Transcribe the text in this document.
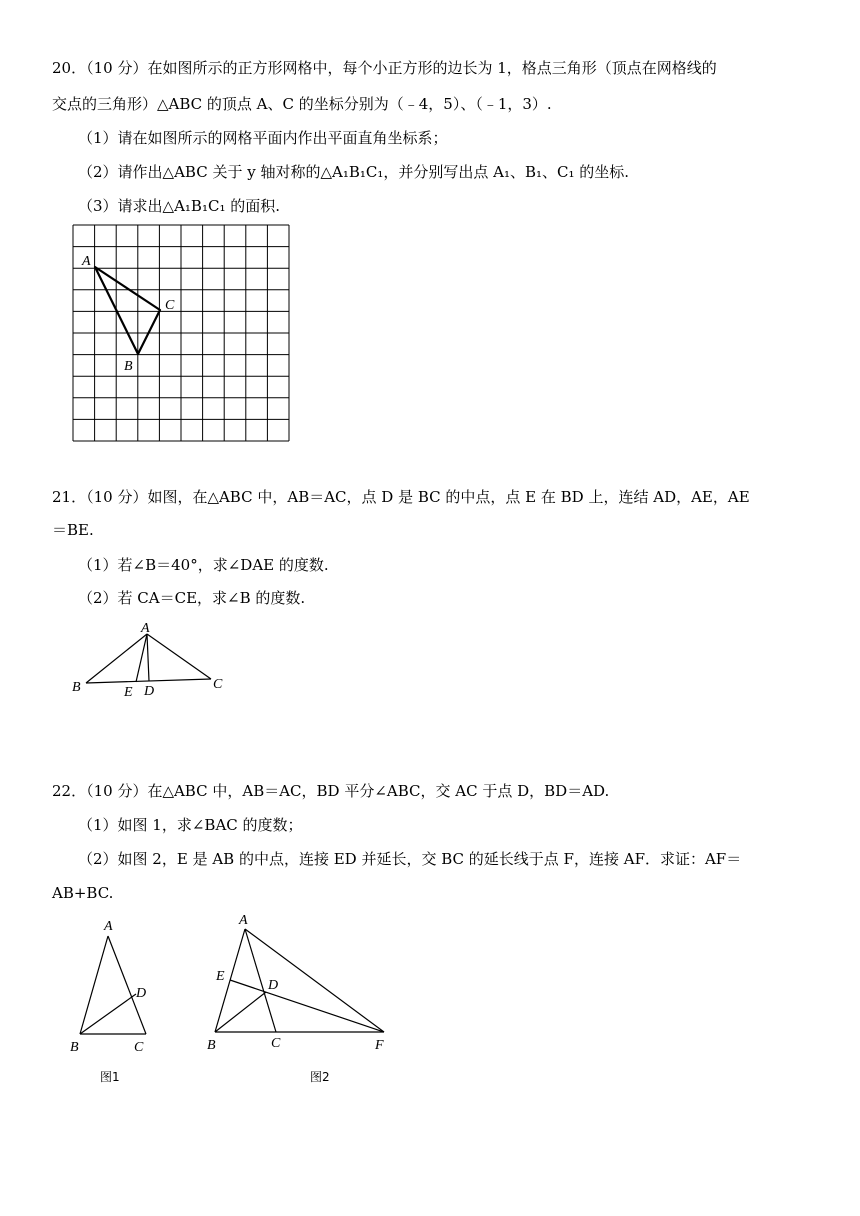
20．（10 分）在如图所示的正方形网格中，每个小正方形的边长为 1，格点三角形（顶点在网格线的
交点的三角形）△ABC 的顶点 A、C 的坐标分别为（﹣4，5）、（﹣1，3）.
（1）请在如图所示的网格平面内作出平面直角坐标系；
（2）请作出△ABC 关于 y 轴对称的△A₁B₁C₁，并分别写出点 A₁、B₁、C₁ 的坐标.
（3）请求出△A₁B₁C₁ 的面积.
A
C
B
21．（10 分）如图，在△ABC 中，AB＝AC，点 D 是 BC 的中点，点 E 在 BD 上，连结 AD，AE，AE
＝BE.
（1）若∠B＝40°，求∠DAE 的度数.
（2）若 CA＝CE，求∠B 的度数.
A
B	E D	C
22．（10 分）在△ABC 中，AB＝AC，BD 平分∠ABC，交 AC 于点 D，BD＝AD.
（1）如图 1，求∠BAC 的度数；
（2）如图 2，E 是 AB 的中点，连接 ED 并延长，交 BC 的延长线于点 F，连接 AF．求证：AF＝
AB+BC.
A
D
B	C
图1
A
E
D
B	C	F
图2
